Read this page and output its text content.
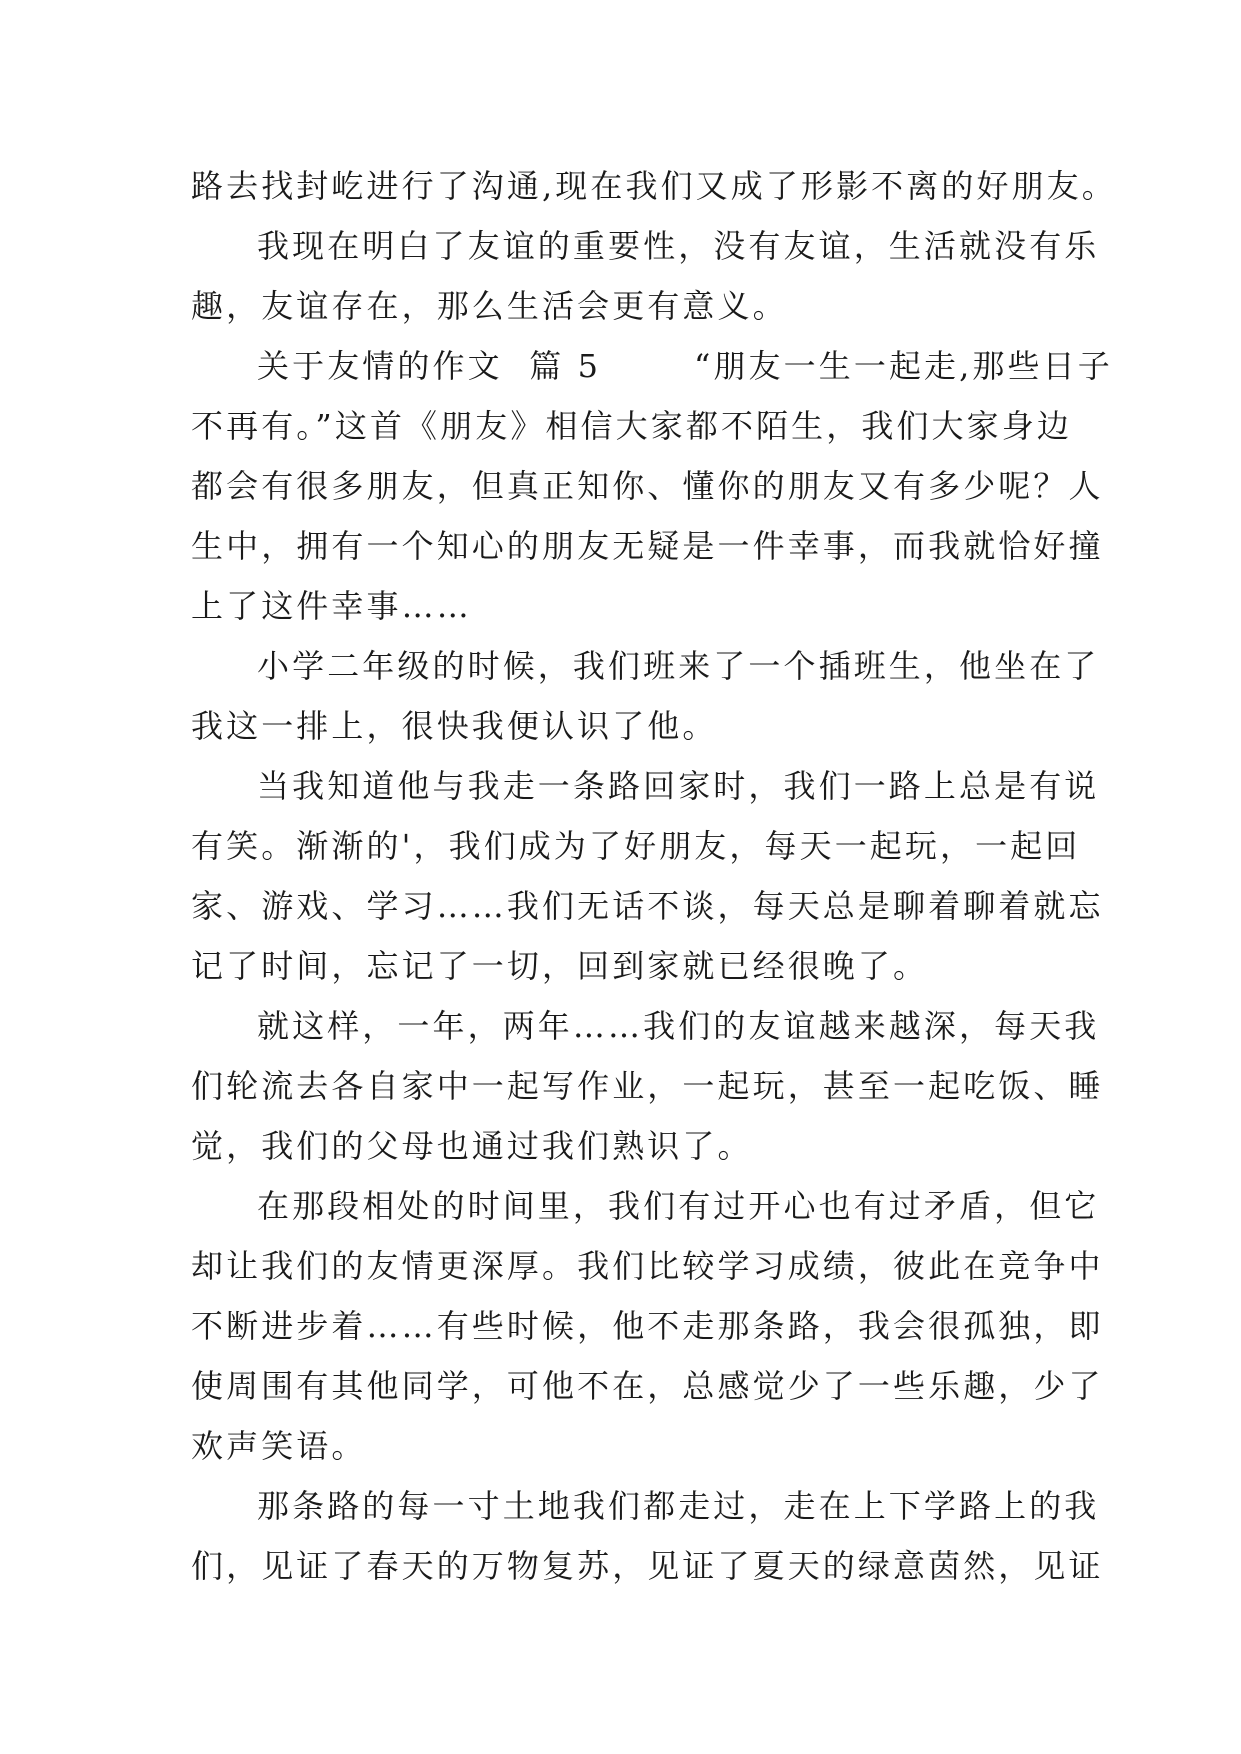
路去找封屹进行了沟通,现在我们又成了形影不离的好朋友。
我现在明白了友谊的重要性，没有友谊，生活就没有乐
趣，友谊存在，那么生活会更有意义。
关于友情的作文  篇 5       “朋友一生一起走,那些日子
不再有。”这首《朋友》相信大家都不陌生，我们大家身边
都会有很多朋友，但真正知你、懂你的朋友又有多少呢？人
生中，拥有一个知心的朋友无疑是一件幸事，而我就恰好撞
上了这件幸事……
小学二年级的时候，我们班来了一个插班生，他坐在了
我这一排上，很快我便认识了他。
当我知道他与我走一条路回家时，我们一路上总是有说
有笑。渐渐的'，我们成为了好朋友，每天一起玩，一起回
家、游戏、学习……我们无话不谈，每天总是聊着聊着就忘
记了时间，忘记了一切，回到家就已经很晚了。
就这样，一年，两年……我们的友谊越来越深，每天我
们轮流去各自家中一起写作业，一起玩，甚至一起吃饭、睡
觉，我们的父母也通过我们熟识了。
在那段相处的时间里，我们有过开心也有过矛盾，但它
却让我们的友情更深厚。我们比较学习成绩，彼此在竞争中
不断进步着……有些时候，他不走那条路，我会很孤独，即
使周围有其他同学，可他不在，总感觉少了一些乐趣，少了
欢声笑语。
那条路的每一寸土地我们都走过，走在上下学路上的我
们，见证了春天的万物复苏，见证了夏天的绿意茵然，见证
